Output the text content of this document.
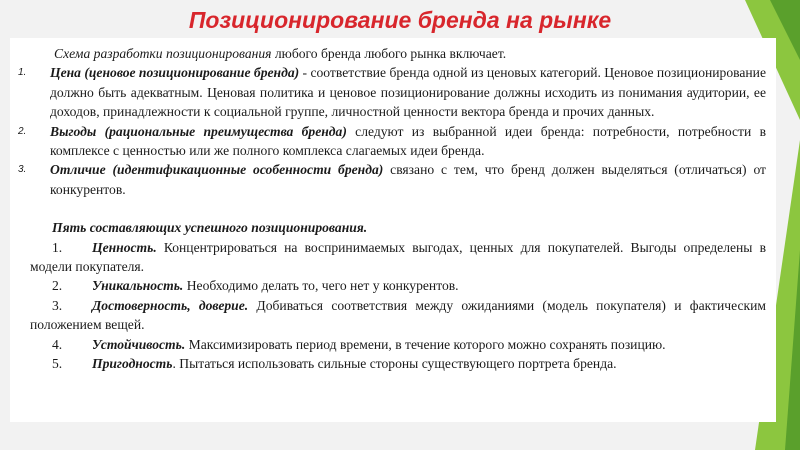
Позиционирование бренда на рынке
Схема разработки позиционирования любого бренда любого рынка включает.
1. Цена (ценовое позиционирование бренда) - соответствие бренда одной из ценовых категорий. Ценовое позиционирование должно быть адекватным. Ценовая политика и ценовое позиционирование должны исходить из понимания аудитории, ее доходов, принадлежности к социальной группе, личностной ценности вектора бренда и прочих данных.
2. Выгоды (рациональные преимущества бренда) следуют из выбранной идеи бренда: потребности, потребности в комплексе с ценностью или же полного комплекса слагаемых идеи бренда.
3. Отличие (идентификационные особенности бренда) связано с тем, что бренд должен выделяться (отличаться) от конкурентов.
Пять составляющих успешного позиционирования.
1. Ценность. Концентрироваться на воспринимаемых выгодах, ценных для покупателей. Выгоды определены в модели покупателя.
2. Уникальность. Необходимо делать то, чего нет у конкурентов.
3. Достоверность, доверие. Добиваться соответствия между ожиданиями (модель покупателя) и фактическим положением вещей.
4. Устойчивость. Максимизировать период времени, в течение которого можно сохранять позицию.
5. Пригодность. Пытаться использовать сильные стороны существующего портрета бренда.
